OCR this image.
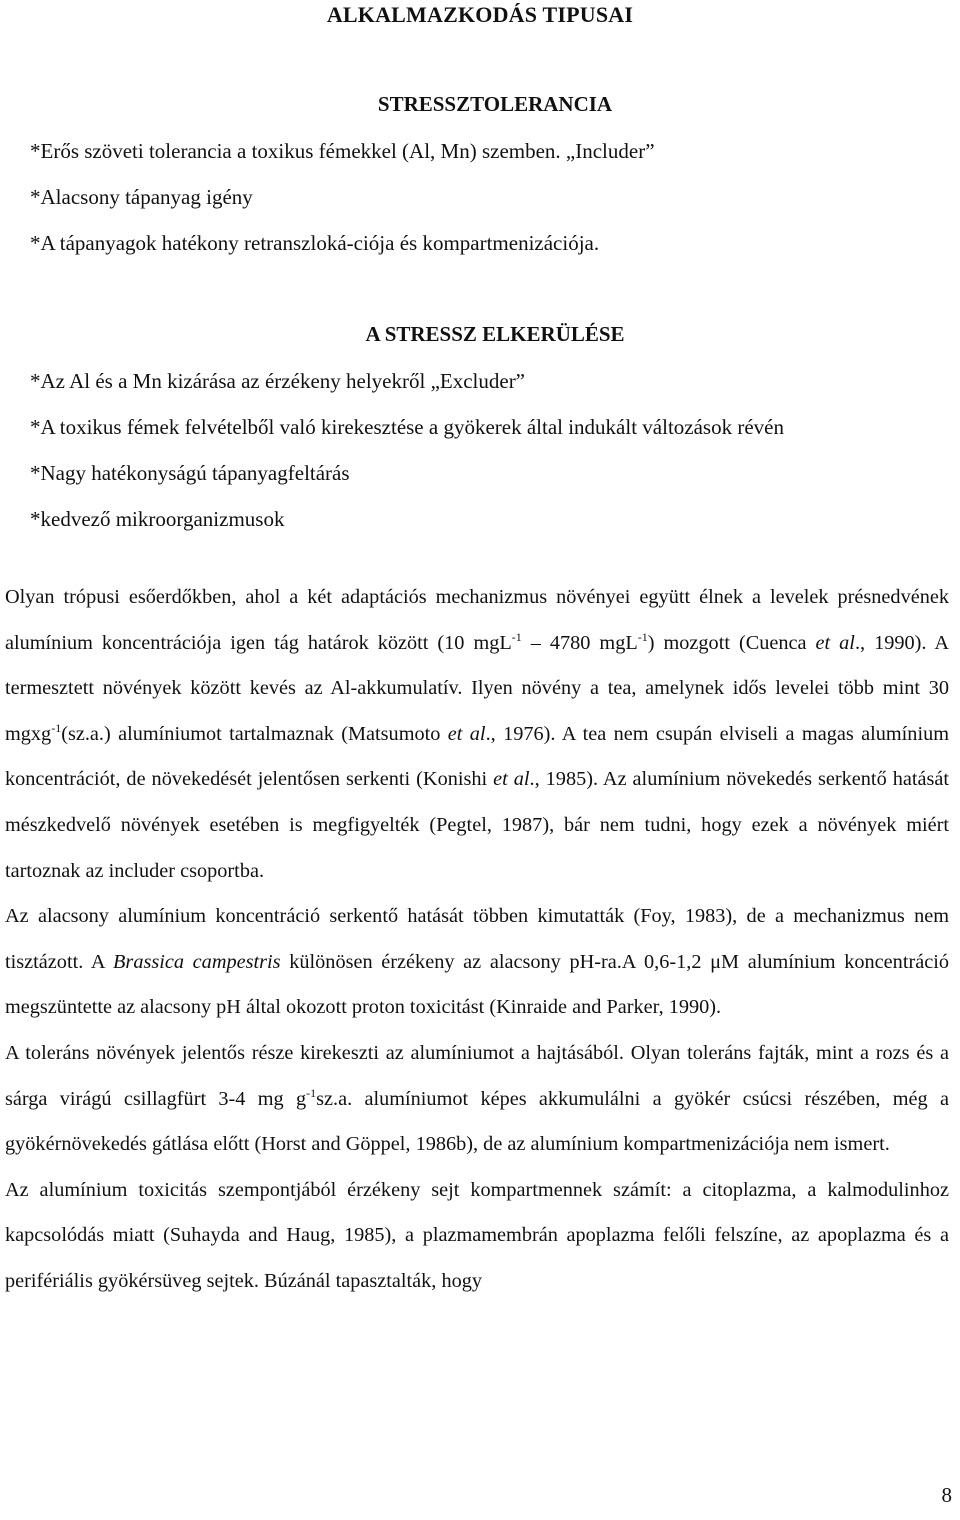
ALKALMAZKODÁS TIPUSAI
STRESSZTOLERANCIA

*Erős szöveti tolerancia a toxikus fémekkel (Al, Mn) szemben. „Includer”

*Alacsony tápanyag igény

*A tápanyagok hatékony retranszloká-ciója és kompartmenizációja.

A STRESSZ ELKERÜLÉSE

*Az Al és a Mn kizárása az érzékeny helyekről „Excluder”

*A toxikus fémek felvételből való kirekesztése a gyökerek által indukált változások révén

*Nagy hatékonyságú tápanyagfeltárás

*kedvező mikroorganizmusok

Olyan trópusi esőerdőkben, ahol a két adaptációs mechanizmus növényei együtt élnek a levelek présnedvének alumínium koncentrációja igen tág határok között (10 mgL$^{-1}$ – 4780 mgL$^{-1}$) mozgott (Cuenca et al., 1990). A termesztett növények között kevés az Al-akkumulatív. Ilyen növény a tea, amelynek idős levelei több mint 30 mgxg$^{-1}$(sz.a.) alumíniumot tartalmaznak (Matsumoto et al., 1976). A tea nem csupán elviseli a magas alumínium koncentrációt, de növekedését jelentősen serkenti (Konishi et al., 1985). Az alumínium növekedés serkentő hatását mészkedvelő növények esetében is megfigyelték (Pegtel, 1987), bár nem tudni, hogy ezek a növények miért tartoznak az includer csoportba.

Az alacsony alumínium koncentráció serkentő hatását többen kimutatták (Foy, 1983), de a mechanizmus nem tisztázott. A Brassica campestris különösen érzékeny az alacsony pH-ra.A 0,6-1,2 μM alumínium koncentráció megszüntette az alacsony pH által okozott proton toxicitást (Kinraide and Parker, 1990).

A toleráns növények jelentős része kirekeszti az alumíniumot a hajtásából. Olyan toleráns fajták, mint a rozs és a sárga virágú csillagfürt 3-4 mg $g^{-1}sz.a$. alumíniumot képes akkumulálni a gyökér csúcsi részében, még a gyökérnövekedés gátlása előtt (Horst and Göppel, 1986b), de az alumínium kompartmenizációja nem ismert.

Az alumínium toxicitás szempontjából érzékeny sejt kompartmennek számít: a citoplazma, a kalmodulinhoz kapcsolódás miatt (Suhayda and Haug, 1985), a plazmamembrán apoplazma felőli felszíne, az apoplazma és a perifériális gyökérsüveg sejtek. Búzánál tapasztalták, hogy

8
